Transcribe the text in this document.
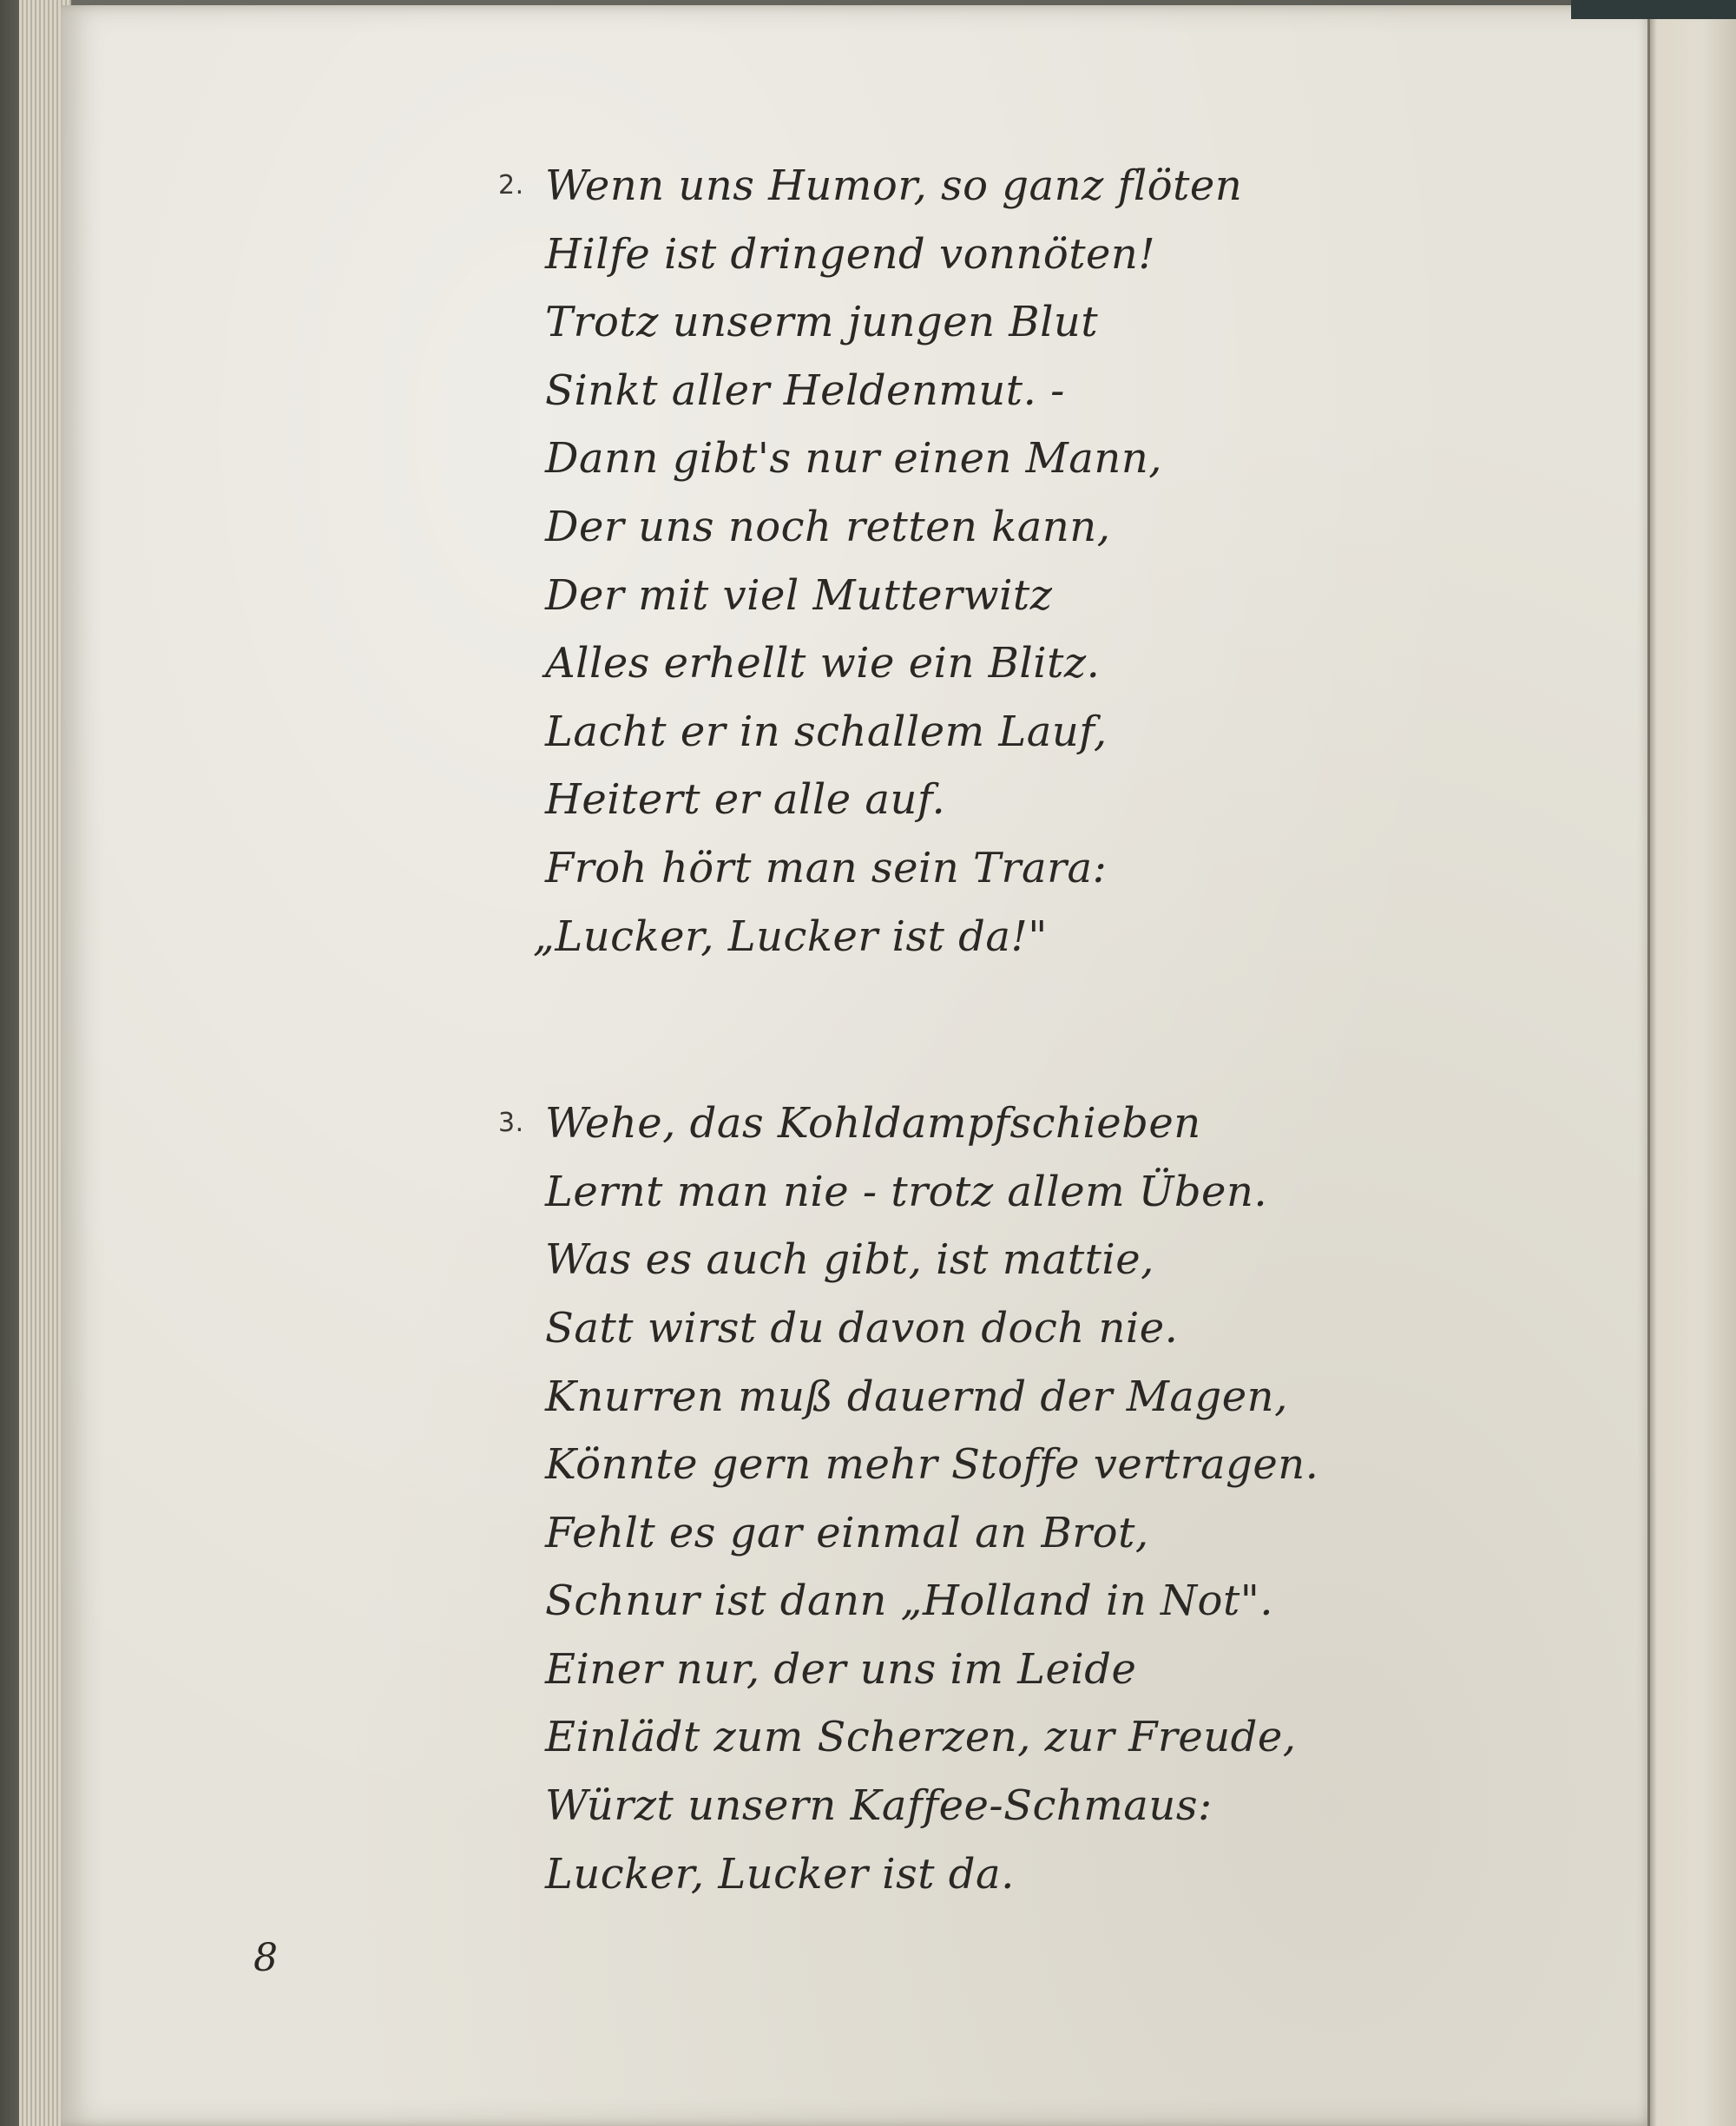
2. Wenn uns Humor, so ganz flöten
Hilfe ist dringend vonnöten!
Trotz unserm jungen Blut
Sinkt aller Heldenmut. -
Dann gibt's nur einen Mann,
Der uns noch retten kann,
Der mit viel Mutterwitz
Alles erhellt wie ein Blitz.
Lacht er in schallem Lauf,
Heitert er alle auf.
Froh hört man sein Trara:
„Lucker, Lucker ist da!"
3. Wehe, das Kohldampfschieben
Lernt man nie - trotz allem Üben.
Was es auch gibt, ist mattie,
Satt wirst du davon doch nie.
Knurren muß dauernd der Magen,
Könnte gern mehr Stoffe vertragen.
Fehlt es gar einmal an Brot,
Schnur ist dann „Holland in Not".
Einer nur, der uns im Leide
Einlädt zum Scherzen, zur Freude,
Würzt unsern Kaffee-Schmaus:
Lucker, Lucker ist da.
8
